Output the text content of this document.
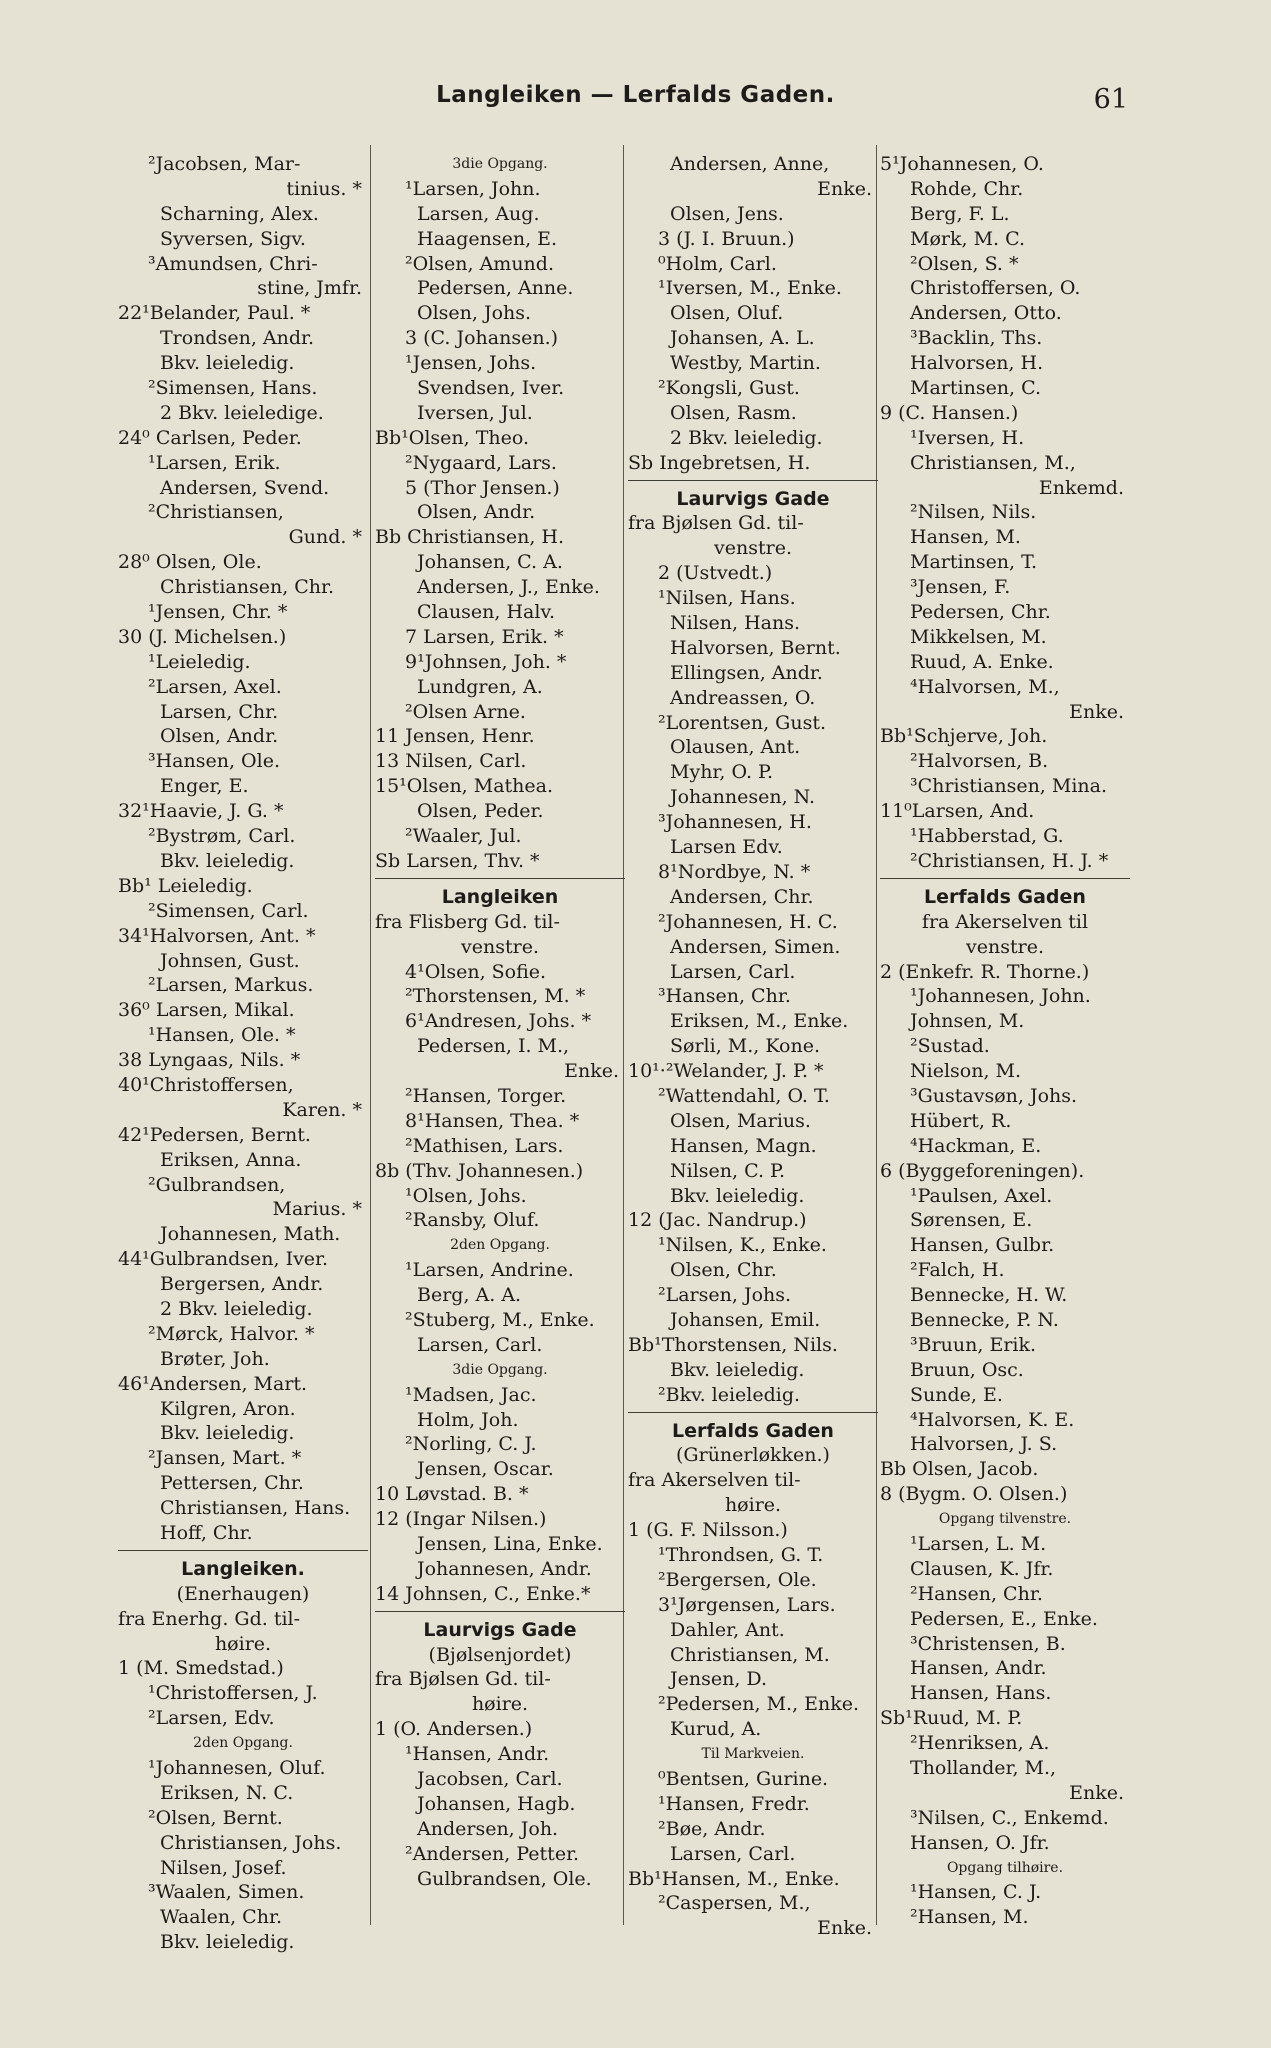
Langleiken — Lerfalds Gaden.	61
²Jacobsen, Mar-
tinius. *
Scharning, Alex.
Syversen, Sigv.
³Amundsen, Chri-
stine, Jmfr.
22¹Belander, Paul. *
Trondsen, Andr.
Bkv. leieledig.
²Simensen, Hans.
2 Bkv. leieledige.
24⁰ Carlsen, Peder.
¹Larsen, Erik.
Andersen, Svend.
²Christiansen,
Gund. *
28⁰ Olsen, Ole.
Christiansen, Chr.
¹Jensen, Chr. *
30 (J. Michelsen.)
¹Leieledig.
²Larsen, Axel.
Larsen, Chr.
Olsen, Andr.
³Hansen, Ole.
Enger, E.
32¹Haavie, J. G. *
²Bystrøm, Carl.
Bkv. leieledig.
Bb¹ Leieledig.
²Simensen, Carl.
34¹Halvorsen, Ant. *
Johnsen, Gust.
²Larsen, Markus.
36⁰ Larsen, Mikal.
¹Hansen, Ole. *
38 Lyngaas, Nils. *
40¹Christoffersen,
Karen. *
42¹Pedersen, Bernt.
Eriksen, Anna.
²Gulbrandsen,
Marius. *
Johannesen, Math.
44¹Gulbrandsen, Iver.
Bergersen, Andr.
2 Bkv. leieledig.
²Mørck, Halvor. *
Brøter, Joh.
46¹Andersen, Mart.
Kilgren, Aron.
Bkv. leieledig.
²Jansen, Mart. *
Pettersen, Chr.
Christiansen, Hans.
Hoff, Chr.
Langleiken.
(Enerhaugen)
fra Enerhg. Gd. til-
høire.
1 (M. Smedstad.)
¹Christoffersen, J.
²Larsen, Edv.
2den Opgang.
¹Johannesen, Oluf.
Eriksen, N. C.
²Olsen, Bernt.
Christiansen, Johs.
Nilsen, Josef.
³Waalen, Simen.
Waalen, Chr.
Bkv. leieledig.
3die Opgang.
¹Larsen, John.
Larsen, Aug.
Haagensen, E.
²Olsen, Amund.
Pedersen, Anne.
Olsen, Johs.
3 (C. Johansen.)
¹Jensen, Johs.
Svendsen, Iver.
Iversen, Jul.
Bb¹Olsen, Theo.
²Nygaard, Lars.
5 (Thor Jensen.)
Olsen, Andr.
Bb Christiansen, H.
Johansen, C. A.
Andersen, J., Enke.
Clausen, Halv.
7 Larsen, Erik. *
9¹Johnsen, Joh. *
Lundgren, A.
²Olsen Arne.
11 Jensen, Henr.
13 Nilsen, Carl.
15¹Olsen, Mathea.
Olsen, Peder.
²Waaler, Jul.
Sb Larsen, Thv. *
Langleiken
fra Flisberg Gd. til-
venstre.
4¹Olsen, Sofie.
²Thorstensen, M. *
6¹Andresen, Johs. *
Pedersen, I. M.,
Enke.
²Hansen, Torger.
8¹Hansen, Thea. *
²Mathisen, Lars.
8b (Thv. Johannesen.)
¹Olsen, Johs.
²Ransby, Oluf.
2den Opgang.
¹Larsen, Andrine.
Berg, A. A.
²Stuberg, M., Enke.
Larsen, Carl.
3die Opgang.
¹Madsen, Jac.
Holm, Joh.
²Norling, C. J.
Jensen, Oscar.
10 Løvstad. B. *
12 (Ingar Nilsen.)
Jensen, Lina, Enke.
Johannesen, Andr.
14 Johnsen, C., Enke.*
Laurvigs Gade
(Bjølsenjordet)
fra Bjølsen Gd. til-
høire.
1 (O. Andersen.)
¹Hansen, Andr.
Jacobsen, Carl.
Johansen, Hagb.
Andersen, Joh.
²Andersen, Petter.
Gulbrandsen, Ole.
Andersen, Anne,
Enke.
Olsen, Jens.
3 (J. I. Bruun.)
⁰Holm, Carl.
¹Iversen, M., Enke.
Olsen, Oluf.
Johansen, A. L.
Westby, Martin.
²Kongsli, Gust.
Olsen, Rasm.
2 Bkv. leieledig.
Sb Ingebretsen, H.
Laurvigs Gade
fra Bjølsen Gd. til-
venstre.
2 (Ustvedt.)
¹Nilsen, Hans.
Nilsen, Hans.
Halvorsen, Bernt.
Ellingsen, Andr.
Andreassen, O.
²Lorentsen, Gust.
Olausen, Ant.
Myhr, O. P.
Johannesen, N.
³Johannesen, H.
Larsen Edv.
8¹Nordbye, N. *
Andersen, Chr.
²Johannesen, H. C.
Andersen, Simen.
Larsen, Carl.
³Hansen, Chr.
Eriksen, M., Enke.
Sørli, M., Kone.
10¹·²Welander, J. P. *
²Wattendahl, O. T.
Olsen, Marius.
Hansen, Magn.
Nilsen, C. P.
Bkv. leieledig.
12 (Jac. Nandrup.)
¹Nilsen, K., Enke.
Olsen, Chr.
²Larsen, Johs.
Johansen, Emil.
Bb¹Thorstensen, Nils.
Bkv. leieledig.
²Bkv. leieledig.
Lerfalds Gaden
(Grünerløkken.)
fra Akerselven til-
høire.
1 (G. F. Nilsson.)
¹Throndsen, G. T.
²Bergersen, Ole.
3¹Jørgensen, Lars.
Dahler, Ant.
Christiansen, M.
Jensen, D.
²Pedersen, M., Enke.
Kurud, A.
Til Markveien.
⁰Bentsen, Gurine.
¹Hansen, Fredr.
²Bøe, Andr.
Larsen, Carl.
Bb¹Hansen, M., Enke.
²Caspersen, M.,
Enke.
5¹Johannesen, O.
Rohde, Chr.
Berg, F. L.
Mørk, M. C.
²Olsen, S. *
Christoffersen, O.
Andersen, Otto.
³Backlin, Ths.
Halvorsen, H.
Martinsen, C.
9 (C. Hansen.)
¹Iversen, H.
Christiansen, M.,
Enkemd.
²Nilsen, Nils.
Hansen, M.
Martinsen, T.
³Jensen, F.
Pedersen, Chr.
Mikkelsen, M.
Ruud, A. Enke.
⁴Halvorsen, M.,
Enke.
Bb¹Schjerve, Joh.
²Halvorsen, B.
³Christiansen, Mina.
11⁰Larsen, And.
¹Habberstad, G.
²Christiansen, H. J. *
Lerfalds Gaden
fra Akerselven til
venstre.
2 (Enkefr. R. Thorne.)
¹Johannesen, John.
Johnsen, M.
²Sustad.
Nielson, M.
³Gustavsøn, Johs.
Hübert, R.
⁴Hackman, E.
6 (Byggeforeningen).
¹Paulsen, Axel.
Sørensen, E.
Hansen, Gulbr.
²Falch, H.
Bennecke, H. W.
Bennecke, P. N.
³Bruun, Erik.
Bruun, Osc.
Sunde, E.
⁴Halvorsen, K. E.
Halvorsen, J. S.
Bb Olsen, Jacob.
8 (Bygm. O. Olsen.)
Opgang tilvenstre.
¹Larsen, L. M.
Clausen, K. Jfr.
²Hansen, Chr.
Pedersen, E., Enke.
³Christensen, B.
Hansen, Andr.
Hansen, Hans.
Sb¹Ruud, M. P.
²Henriksen, A.
Thollander, M.,
Enke.
³Nilsen, C., Enkemd.
Hansen, O. Jfr.
Opgang tilhøire.
¹Hansen, C. J.
²Hansen, M.
